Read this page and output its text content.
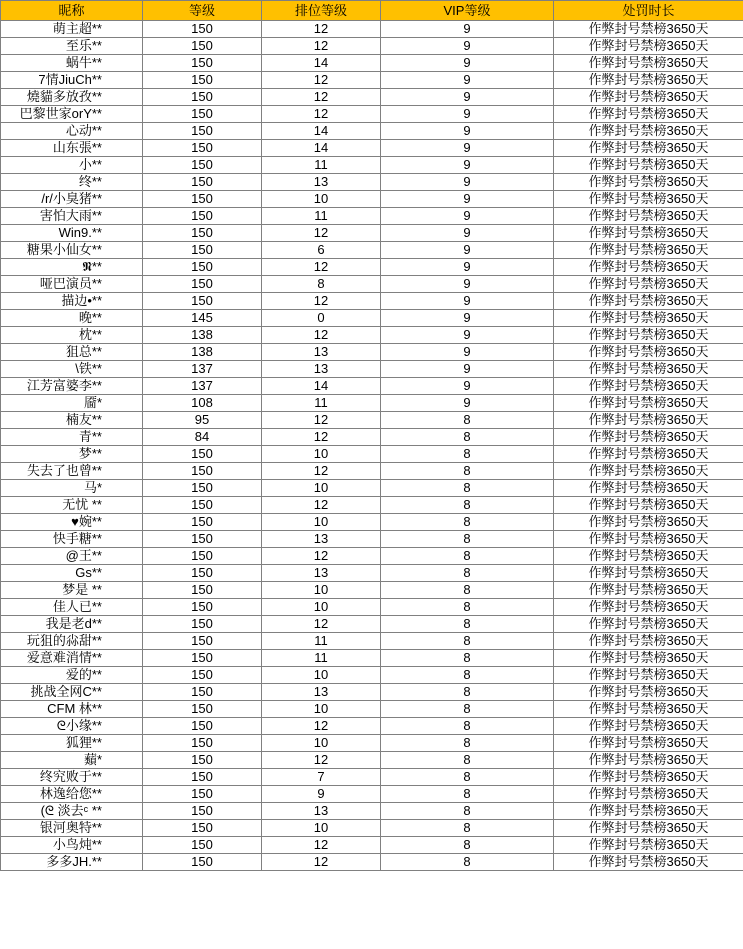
昵称	等级	排位等级	VIP等级	处罚时长
萌主超**	150	12	9	作弊封号禁榜3650天
至乐**	150	12	9	作弊封号禁榜3650天
蜗牛**	150	14	9	作弊封号禁榜3650天
7情JiuCh**	150	12	9	作弊封号禁榜3650天
燒貓多放孜**	150	12	9	作弊封号禁榜3650天
巴黎世家orY**	150	12	9	作弊封号禁榜3650天
心动**	150	14	9	作弊封号禁榜3650天
山东張**	150	14	9	作弊封号禁榜3650天
小**	150	11	9	作弊封号禁榜3650天
终**	150	13	9	作弊封号禁榜3650天
/r/小臭猪**	150	10	9	作弊封号禁榜3650天
害怕大雨**	150	11	9	作弊封号禁榜3650天
Win9.**	150	12	9	作弊封号禁榜3650天
糖果小仙女**	150	6	9	作弊封号禁榜3650天
𝕹**	150	12	9	作弊封号禁榜3650天
哑巴演员**	150	8	9	作弊封号禁榜3650天
描边•**	150	12	9	作弊封号禁榜3650天
晚**	145	0	9	作弊封号禁榜3650天
枕**	138	12	9	作弊封号禁榜3650天
狙总**	138	13	9	作弊封号禁榜3650天
\铁**	137	13	9	作弊封号禁榜3650天
江芳富婆李**	137	14	9	作弊封号禁榜3650天
靥*	108	11	9	作弊封号禁榜3650天
楠友**	95	12	8	作弊封号禁榜3650天
青**	84	12	8	作弊封号禁榜3650天
梦**	150	10	8	作弊封号禁榜3650天
失去了也曾**	150	12	8	作弊封号禁榜3650天
马*	150	10	8	作弊封号禁榜3650天
无忧 **	150	12	8	作弊封号禁榜3650天
♥婉**	150	10	8	作弊封号禁榜3650天
快手糖**	150	13	8	作弊封号禁榜3650天
@王**	150	12	8	作弊封号禁榜3650天
Gs**	150	13	8	作弊封号禁榜3650天
梦是 **	150	10	8	作弊封号禁榜3650天
佳人已**	150	10	8	作弊封号禁榜3650天
我是老d**	150	12	8	作弊封号禁榜3650天
玩狙的尛甜**	150	11	8	作弊封号禁榜3650天
爱意难消情**	150	11	8	作弊封号禁榜3650天
爱的**	150	10	8	作弊封号禁榜3650天
挑战全网C**	150	13	8	作弊封号禁榜3650天
CFM 林**	150	10	8	作弊封号禁榜3650天
ᘓ小缘**	150	12	8	作弊封号禁榜3650天
狐狸**	150	10	8	作弊封号禁榜3650天
蘱*	150	12	8	作弊封号禁榜3650天
终究败于**	150	7	8	作弊封号禁榜3650天
林逸给您**	150	9	8	作弊封号禁榜3650天
(ᘓ 淡去ᶜ **	150	13	8	作弊封号禁榜3650天
银河奥特**	150	10	8	作弊封号禁榜3650天
小鸟炖**	150	12	8	作弊封号禁榜3650天
多多JH.**	150	12	8	作弊封号禁榜3650天
